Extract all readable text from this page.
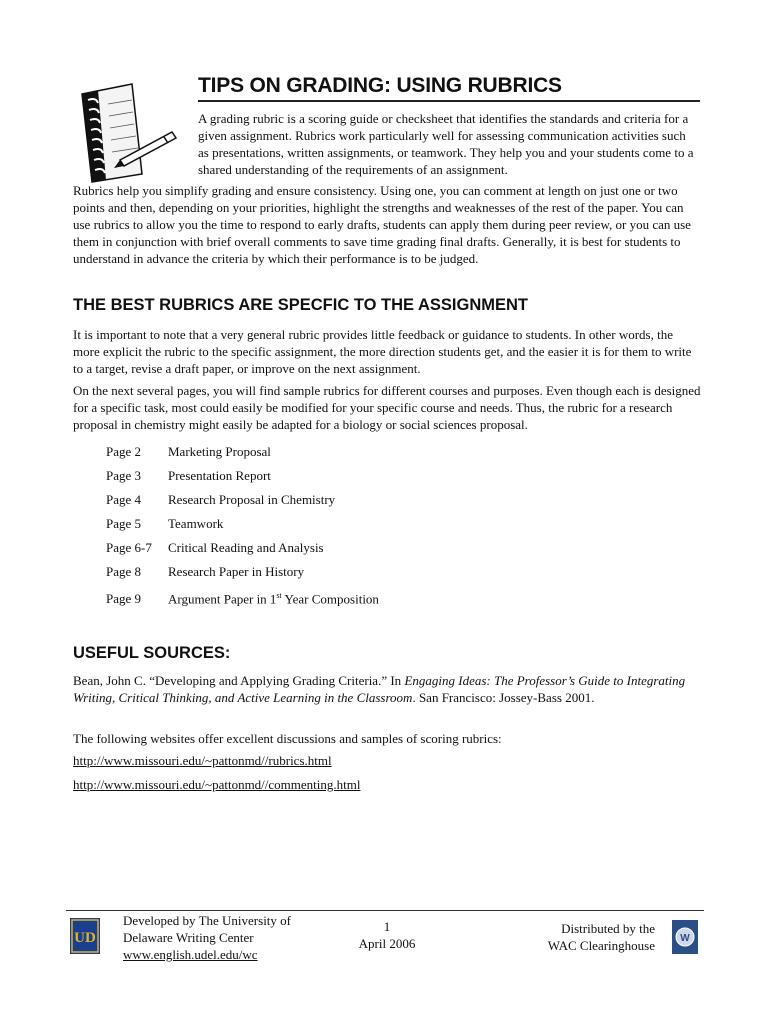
TIPS ON GRADING: USING RUBRICS

A grading rubric is a scoring guide or checksheet that identifies the standards and criteria for a given assignment. Rubrics work particularly well for assessing communication activities such as presentations, written assignments, or teamwork. They help you and your students come to a shared understanding of the requirements of an assignment.

Rubrics help you simplify grading and ensure consistency. Using one, you can comment at length on just one or two points and then, depending on your priorities, highlight the strengths and weaknesses of the rest of the paper. You can use rubrics to allow you the time to respond to early drafts, students can apply them during peer review, or you can use them in conjunction with brief overall comments to save time grading final drafts. Generally, it is best for students to understand in advance the criteria by which their performance is to be judged.

THE BEST RUBRICS ARE SPECFIC TO THE ASSIGNMENT

It is important to note that a very general rubric provides little feedback or guidance to students. In other words, the more explicit the rubric to the specific assignment, the more direction students get, and the easier it is for them to write to a target, revise a draft paper, or improve on the next assignment.

On the next several pages, you will find sample rubrics for different courses and purposes. Even though each is designed for a specific task, most could easily be modified for your specific course and needs. Thus, the rubric for a research proposal in chemistry might easily be adapted for a biology or social sciences proposal.

Page 2 Marketing Proposal
Page 3 Presentation Report
Page 4 Research Proposal in Chemistry
Page 5 Teamwork
Page 6-7 Critical Reading and Analysis
Page 8 Research Paper in History
Page 9 Argument Paper in 1st Year Composition
USEFUL SOURCES:

Bean, John C. “Developing and Applying Grading Criteria.” In Engaging Ideas: The Professor’s Guide to Integrating Writing, Critical Thinking, and Active Learning in the Classroom. San Francisco: Jossey-Bass 2001.

The following websites offer excellent discussions and samples of scoring rubrics:

http://www.missouri.edu/~pattonmd//rubrics.html
http://www.missouri.edu/~pattonmd//commenting.html
UD
Developed by The University of
Delaware Writing Center
www.english.udel.edu/wc
1
April 2006
Distributed by the
WAC Clearinghouse	W
